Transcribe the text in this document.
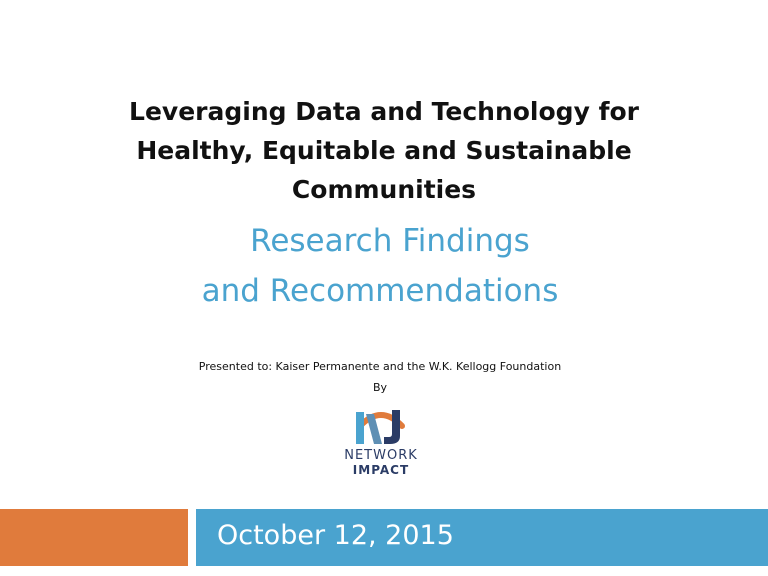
Leveraging Data and Technology for
Healthy, Equitable and Sustainable
Communities
Research Findings
and Recommendations
Presented to: Kaiser Permanente and the W.K. Kellogg Foundation
By
NETWORK
IMPACT
October 12, 2015
